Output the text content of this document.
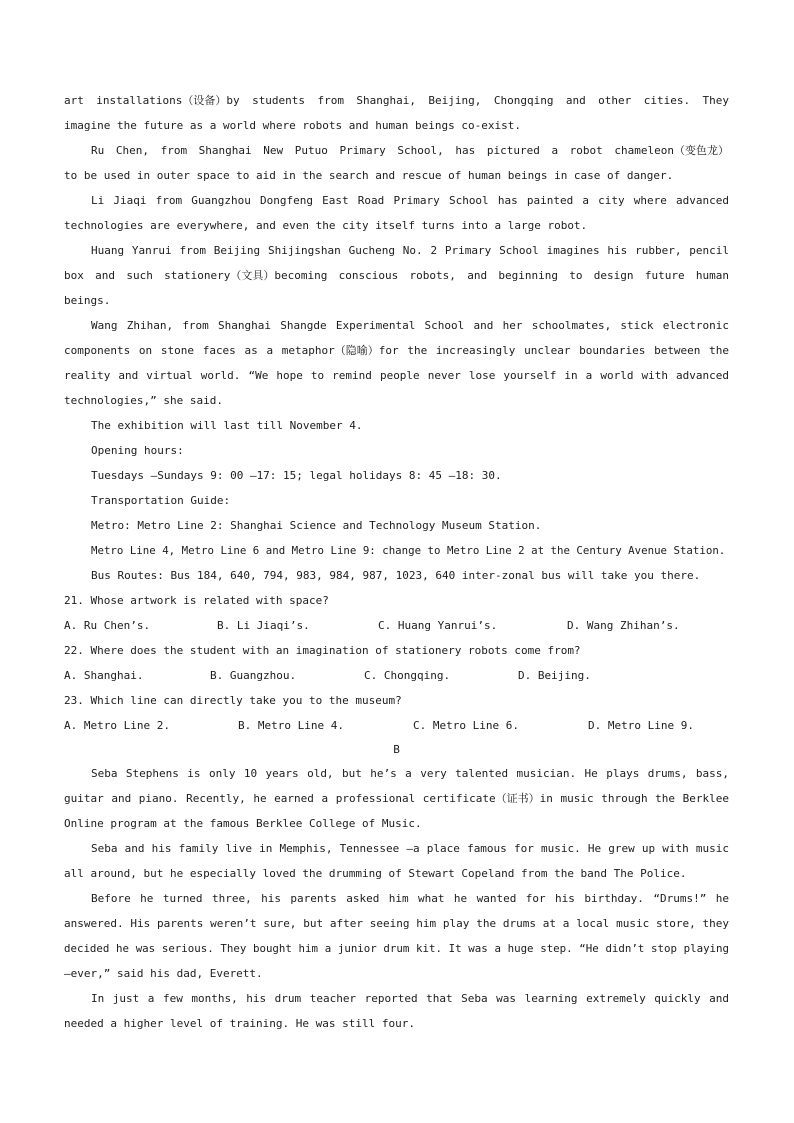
art installations（设备）by students from Shanghai, Beijing, Chongqing and other cities. They
imagine the future as a world where robots and human beings co-exist.
Ru Chen, from Shanghai New Putuo Primary School, has pictured a robot chameleon（变色龙）
to be used in outer space to aid in the search and rescue of human beings in case of danger.
Li Jiaqi from Guangzhou Dongfeng East Road Primary School has painted a city where advanced
technologies are everywhere, and even the city itself turns into a large robot.
Huang Yanrui from Beijing Shijingshan Gucheng No. 2 Primary School imagines his rubber, pencil
box and such stationery（文具）becoming conscious robots, and beginning to design future human
beings.
Wang Zhihan, from Shanghai Shangde Experimental School and her schoolmates, stick electronic
components on stone faces as a metaphor（隐喻）for the increasingly unclear boundaries between the
reality and virtual world. “We hope to remind people never lose yourself in a world with advanced
technologies,” she said.
The exhibition will last till November 4.
Opening hours:
Tuesdays —Sundays 9: 00 —17: 15; legal holidays 8: 45 —18: 30.
Transportation Guide:
Metro: Metro Line 2: Shanghai Science and Technology Museum Station.
Metro Line 4, Metro Line 6 and Metro Line 9: change to Metro Line 2 at the Century Avenue Station.
Bus Routes: Bus 184, 640, 794, 983, 984, 987, 1023, 640 inter-zonal bus will take you there.
21. Whose artwork is related with space?
A. Ru Chen’s.	B. Li Jiaqi’s.	C. Huang Yanrui’s.	D. Wang Zhihan’s.
22. Where does the student with an imagination of stationery robots come from?
A. Shanghai.	B. Guangzhou.	C. Chongqing.	D. Beijing.
23. Which line can directly take you to the museum?
A. Metro Line 2.	B. Metro Line 4.	C. Metro Line 6.	D. Metro Line 9.
B
Seba Stephens is only 10 years old, but he’s a very talented musician. He plays drums, bass,
guitar and piano. Recently, he earned a professional certificate（证书）in music through the Berklee
Online program at the famous Berklee College of Music.
Seba and his family live in Memphis, Tennessee —a place famous for music. He grew up with music
all around, but he especially loved the drumming of Stewart Copeland from the band The Police.
Before he turned three, his parents asked him what he wanted for his birthday. “Drums!” he
answered. His parents weren’t sure, but after seeing him play the drums at a local music store, they
decided he was serious. They bought him a junior drum kit. It was a huge step. “He didn’t stop playing
—ever,” said his dad, Everett.
In just a few months, his drum teacher reported that Seba was learning extremely quickly and
needed a higher level of training. He was still four.
